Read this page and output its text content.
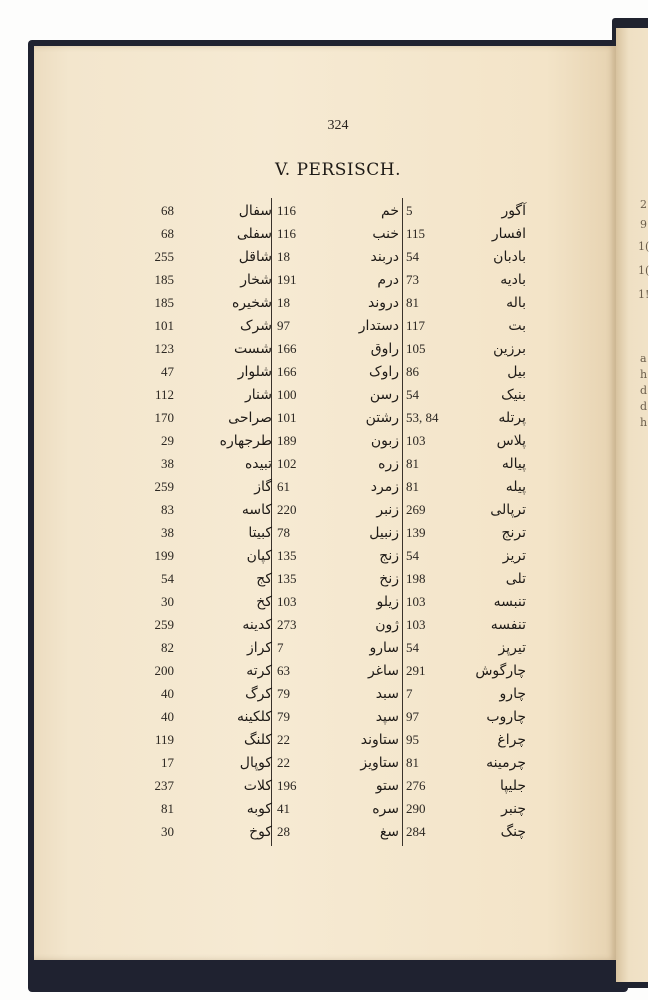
2
9
1(
1(
1!
a
h
d
d
h
324
V. PERSISCH.
68	سفال 116	خم 5	آگور
68	سفلی 116	خنب 115	افسار
255	شاقل 18	دربند 54	بادبان
185	شخار 191	درم 73	بادیه
185	شخیره 18	دروند 81	باله
101	شرک 97	دستدار 117	بت
123	شست 166	راوق 105	برزین
47	شلوار 166	راوک 86	بیل
112	شنار 100	رسن 54	بنیک
170	صراحی 101	رشتن 53, 84	پرتله
29	طرجهاره 189	زبون 103	پلاس
38	تبیده 102	زره 81	پیاله
259	گاز 61	زمرد 81	پیله
83	کاسه 220	زنبر 269	ترپالی
38	کبیتا 78	زنبیل 139	ترنج
199	کپان 135	زنج 54	تریز
54	کج 135	زنخ 198	تلی
30	کخ 103	زیلو 103	تنبسه
259	کدینه 273	ژون 103	تنفسه
82	کراز 7	سارو 54	تیرپز
200	کرته 63	ساغر 291	چارگوش
40	کرگ 79	سبد 7	چارو
40	کلکینه 79	سپد 97	چاروب
119	کلنگ 22	ستاوند 95	چراغ
17	کوپال 22	ستاویز 81	چرمینه
237	کلات 196	ستو 276	جلیپا
81	کوبه 41	سره 290	چنبر
30	کوخ 28	سغ 284	چنگ
